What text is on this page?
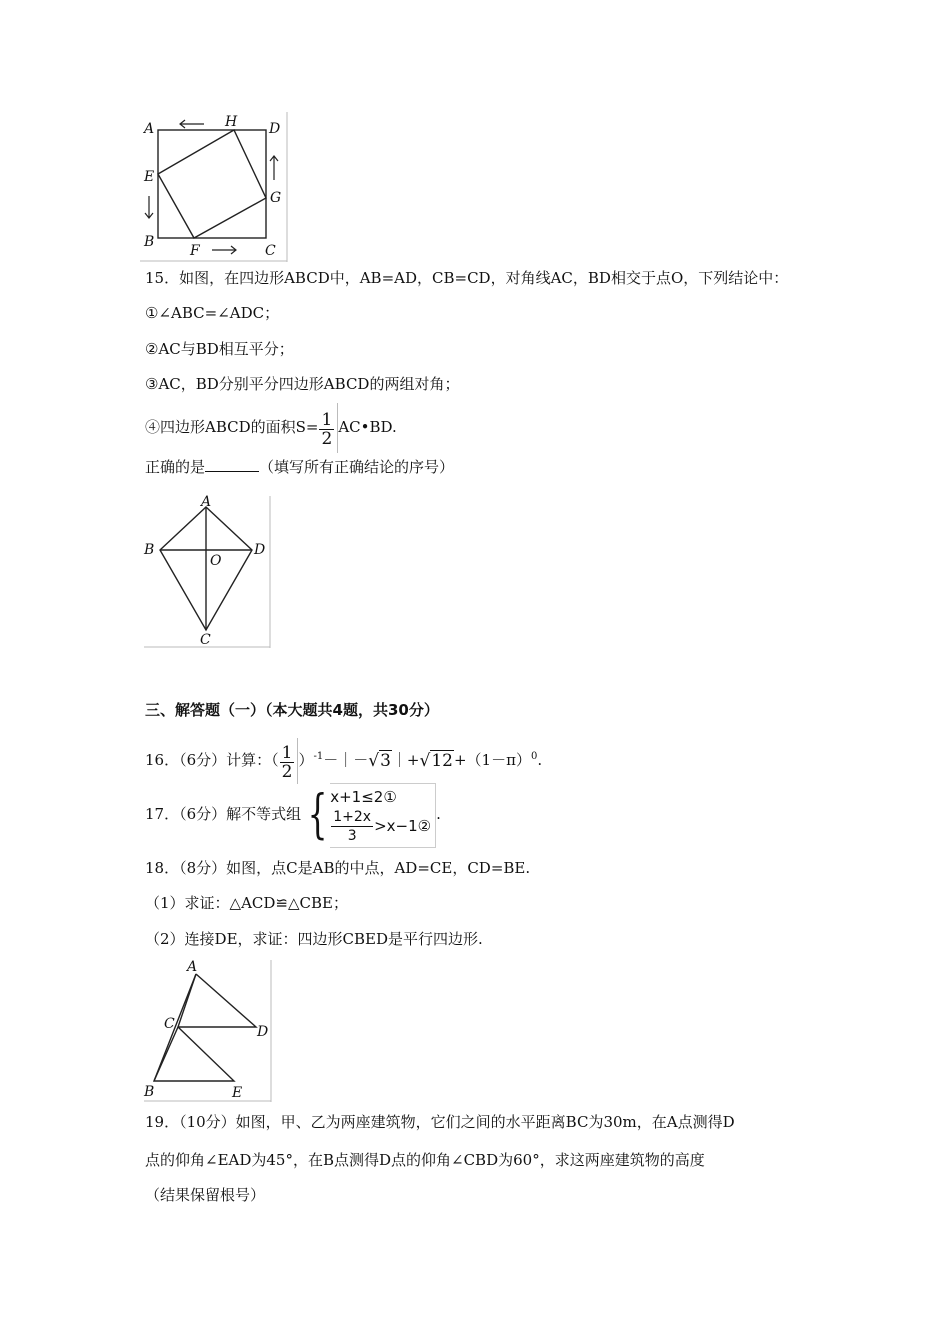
A	H D
E
G
B
F	C
15．如图，在四边形ABCD中，AB=AD，CB=CD，对角线AC，BD相交于点O，下列结论中：
①∠ABC=∠ADC；
②AC与BD相互平分；
③AC，BD分别平分四边形ABCD的两组对角；
④四边形ABCD的面积$S= \frac{1}{2}$ AC•BD.
正确的是	（填写所有正确结论的序号）
A
B	D
O
C
三、解答题（一）（本大题共4题，共30分）
16．（6分）计算：（ $\frac{1}{2}$ ）$^{-1}-|-√3|+√12+(1-\pi)^0$.
17．（6分）解不等式组 { x+1≤2①
$\frac{1+2x}{3}$ >x−1②
.
18．（8分）如图，点C是AB的中点，AD=CE，CD=BE.
（1）求证：△ACD≌△CBE；
（2）连接DE，求证：四边形CBED是平行四边形.
A
C	D
B	E
19．（10分）如图，甲、乙为两座建筑物，它们之间的水平距离BC为30m，在A点测得D
点的仰角∠EAD为45°，在B点测得D点的仰角∠CBD为60°，求这两座建筑物的高度
（结果保留根号）
